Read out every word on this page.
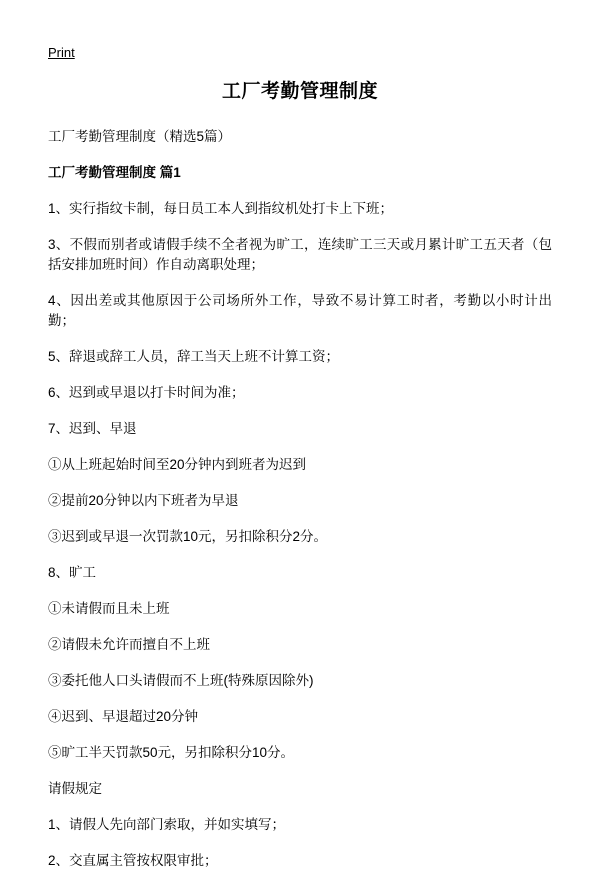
Print
工厂考勤管理制度
工厂考勤管理制度（精选5篇）
工厂考勤管理制度 篇1

1、实行指纹卡制，每日员工本人到指纹机处打卡上下班；

3、不假而别者或请假手续不全者视为旷工，连续旷工三天或月累计旷工五天者（包括安排加班时间）作自动离职处理；

4、因出差或其他原因于公司场所外工作，导致不易计算工时者，考勤以小时计出勤；

5、辞退或辞工人员，辞工当天上班不计算工资；

6、迟到或早退以打卡时间为准；

7、迟到、早退

①从上班起始时间至20分钟内到班者为迟到

②提前20分钟以内下班者为早退

③迟到或早退一次罚款10元，另扣除积分2分。

8、旷工

①未请假而且未上班

②请假未允许而擅自不上班

③委托他人口头请假而不上班(特殊原因除外)

④迟到、早退超过20分钟

⑤旷工半天罚款50元，另扣除积分10分。

请假规定

1、请假人先向部门索取，并如实填写；

2、交直属主管按权限审批；
